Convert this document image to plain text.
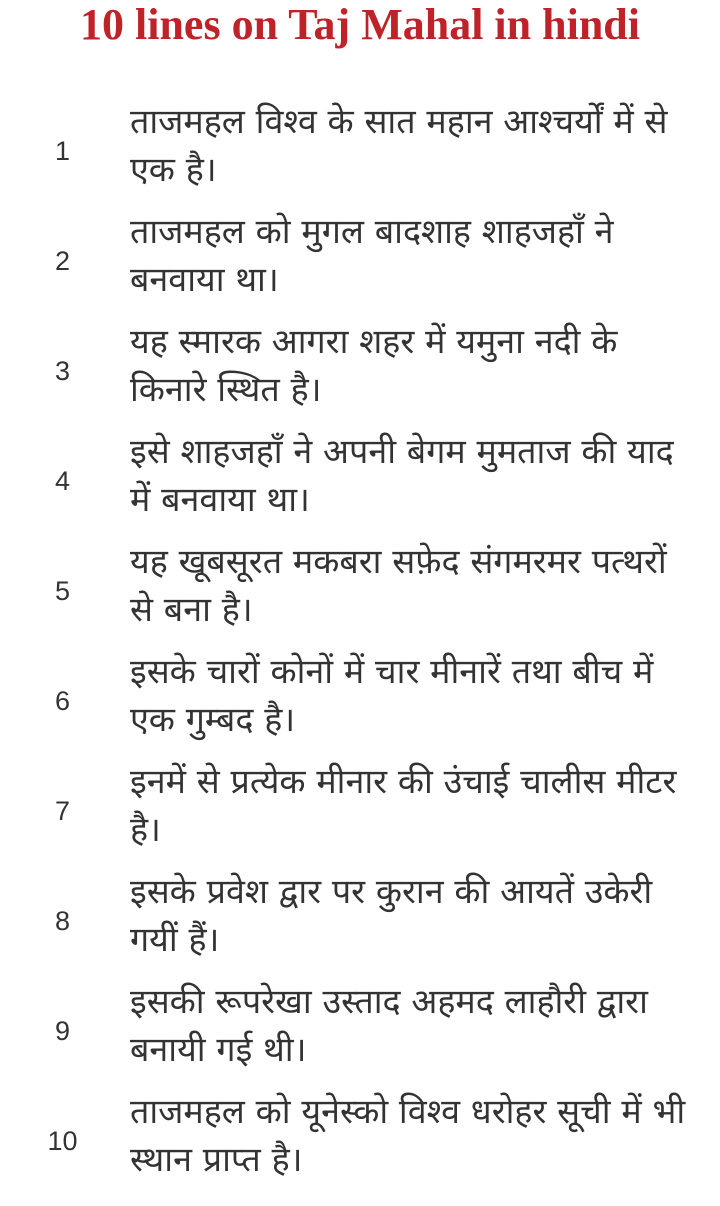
10 lines on Taj Mahal in hindi
1
ताजमहल विश्व के सात महान आश्चर्यों में से एक है।
2
ताजमहल को मुगल बादशाह शाहजहाँ ने बनवाया था।
3
यह स्मारक आगरा शहर में यमुना नदी के किनारे स्थित है।
4
इसे शाहजहाँ ने अपनी बेगम मुमताज की याद में बनवाया था।
5
यह खूबसूरत मकबरा सफ़ेद संगमरमर पत्थरों से बना है।
6
इसके चारों कोनों में चार मीनारें तथा बीच में एक गुम्बद है।
7
इनमें से प्रत्येक मीनार की उंचाई चालीस मीटर है।
8
इसके प्रवेश द्वार पर कुरान की आयतें उकेरी गयीं हैं।
9
इसकी रूपरेखा उस्ताद अहमद लाहौरी द्वारा बनायी गई थी।
10
ताजमहल को यूनेस्को विश्व धरोहर सूची में भी स्थान प्राप्त है।
